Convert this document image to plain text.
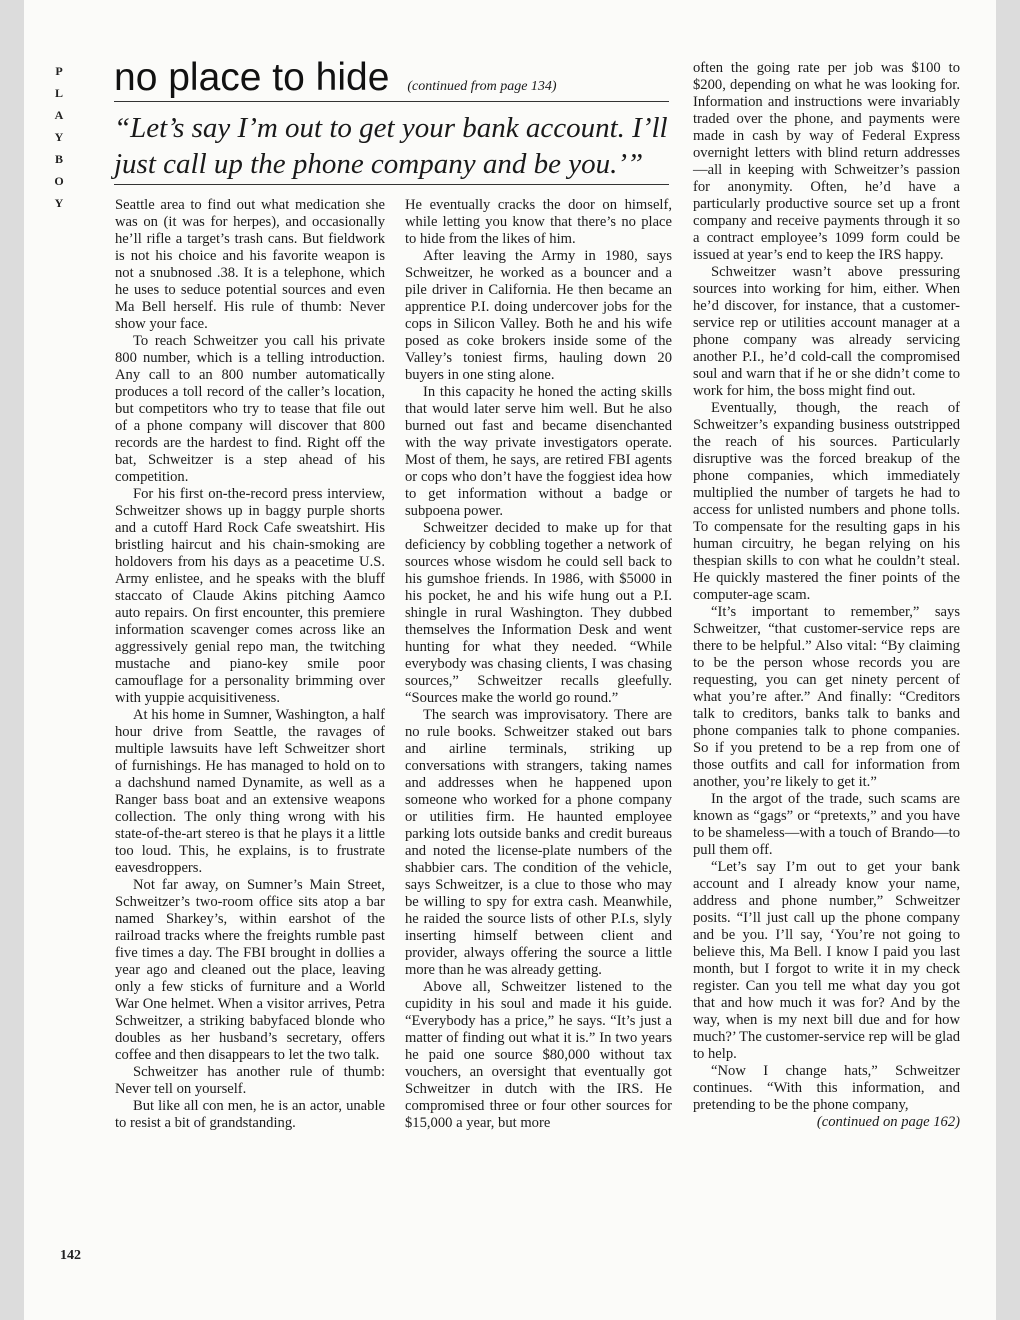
P
L
A
Y
B
O
Y
no place to hide (continued from page 134)
“Let’s say I’m out to get your bank account. I’ll just call up the phone company and be you.’”

Seattle area to find out what medication she was on (it was for herpes), and occasionally he’ll rifle a target’s trash cans. But fieldwork is not his choice and his favorite weapon is not a snubnosed .38. It is a telephone, which he uses to seduce potential sources and even Ma Bell herself. His rule of thumb: Never show your face.

To reach Schweitzer you call his private 800 number, which is a telling introduction. Any call to an 800 number automatically produces a toll record of the caller’s location, but competitors who try to tease that file out of a phone company will discover that 800 records are the hardest to find. Right off the bat, Schweitzer is a step ahead of his competition.

For his first on-the-record press interview, Schweitzer shows up in baggy purple shorts and a cutoff Hard Rock Cafe sweatshirt. His bristling haircut and his chain-smoking are holdovers from his days as a peacetime U.S. Army enlistee, and he speaks with the bluff staccato of Claude Akins pitching Aamco auto repairs. On first encounter, this premiere information scavenger comes across like an aggressively genial repo man, the twitching mustache and piano-key smile poor camouflage for a personality brimming over with yuppie acquisitiveness.

At his home in Sumner, Washington, a half hour drive from Seattle, the ravages of multiple lawsuits have left Schweitzer short of furnishings. He has managed to hold on to a dachshund named Dynamite, as well as a Ranger bass boat and an extensive weapons collection. The only thing wrong with his state-of-the-art stereo is that he plays it a little too loud. This, he explains, is to frustrate eavesdroppers.

Not far away, on Sumner’s Main Street, Schweitzer’s two-room office sits atop a bar named Sharkey’s, within earshot of the railroad tracks where the freights rumble past five times a day. The FBI brought in dollies a year ago and cleaned out the place, leaving only a few sticks of furniture and a World War One helmet. When a visitor arrives, Petra Schweitzer, a striking babyfaced blonde who doubles as her husband’s secretary, offers coffee and then disappears to let the two talk.

Schweitzer has another rule of thumb: Never tell on yourself.

But like all con men, he is an actor, unable to resist a bit of grandstanding.

He eventually cracks the door on himself, while letting you know that there’s no place to hide from the likes of him.

After leaving the Army in 1980, says Schweitzer, he worked as a bouncer and a pile driver in California. He then became an apprentice P.I. doing undercover jobs for the cops in Silicon Valley. Both he and his wife posed as coke brokers inside some of the Valley’s toniest firms, hauling down 20 buyers in one sting alone.

In this capacity he honed the acting skills that would later serve him well. But he also burned out fast and became disenchanted with the way private investigators operate. Most of them, he says, are retired FBI agents or cops who don’t have the foggiest idea how to get information without a badge or subpoena power.

Schweitzer decided to make up for that deficiency by cobbling together a network of sources whose wisdom he could sell back to his gumshoe friends. In 1986, with $5000 in his pocket, he and his wife hung out a P.I. shingle in rural Washington. They dubbed themselves the Information Desk and went hunting for what they needed. “While everybody was chasing clients, I was chasing sources,” Schweitzer recalls gleefully. “Sources make the world go round.”

The search was improvisatory. There are no rule books. Schweitzer staked out bars and airline terminals, striking up conversations with strangers, taking names and addresses when he happened upon someone who worked for a phone company or utilities firm. He haunted employee parking lots outside banks and credit bureaus and noted the license-plate numbers of the shabbier cars. The condition of the vehicle, says Schweitzer, is a clue to those who may be willing to spy for extra cash. Meanwhile, he raided the source lists of other P.I.s, slyly inserting himself between client and provider, always offering the source a little more than he was already getting.

Above all, Schweitzer listened to the cupidity in his soul and made it his guide. “Everybody has a price,” he says. “It’s just a matter of finding out what it is.” In two years he paid one source $80,000 without tax vouchers, an oversight that eventually got Schweitzer in dutch with the IRS. He compromised three or four other sources for $15,000 a year, but more

often the going rate per job was $100 to $200, depending on what he was looking for. Information and instructions were invariably traded over the phone, and payments were made in cash by way of Federal Express overnight letters with blind return addresses—all in keeping with Schweitzer’s passion for anonymity. Often, he’d have a particularly productive source set up a front company and receive payments through it so a contract employee’s 1099 form could be issued at year’s end to keep the IRS happy.

Schweitzer wasn’t above pressuring sources into working for him, either. When he’d discover, for instance, that a customer-service rep or utilities account manager at a phone company was already servicing another P.I., he’d cold-call the compromised soul and warn that if he or she didn’t come to work for him, the boss might find out.

Eventually, though, the reach of Schweitzer’s expanding business outstripped the reach of his sources. Particularly disruptive was the forced breakup of the phone companies, which immediately multiplied the number of targets he had to access for unlisted numbers and phone tolls. To compensate for the resulting gaps in his human circuitry, he began relying on his thespian skills to con what he couldn’t steal. He quickly mastered the finer points of the computer-age scam.

“It’s important to remember,” says Schweitzer, “that customer-service reps are there to be helpful.” Also vital: “By claiming to be the person whose records you are requesting, you can get ninety percent of what you’re after.” And finally: “Creditors talk to creditors, banks talk to banks and phone companies talk to phone companies. So if you pretend to be a rep from one of those outfits and call for information from another, you’re likely to get it.”

In the argot of the trade, such scams are known as “gags” or “pretexts,” and you have to be shameless—with a touch of Brando—to pull them off.

“Let’s say I’m out to get your bank account and I already know your name, address and phone number,” Schweitzer posits. “I’ll just call up the phone company and be you. I’ll say, ‘You’re not going to believe this, Ma Bell. I know I paid you last month, but I forgot to write it in my check register. Can you tell me what day you got that and how much it was for? And by the way, when is my next bill due and for how much?’ The customer-service rep will be glad to help.

“Now I change hats,” Schweitzer continues. “With this information, and pretending to be the phone company,

(continued on page 162)

142
